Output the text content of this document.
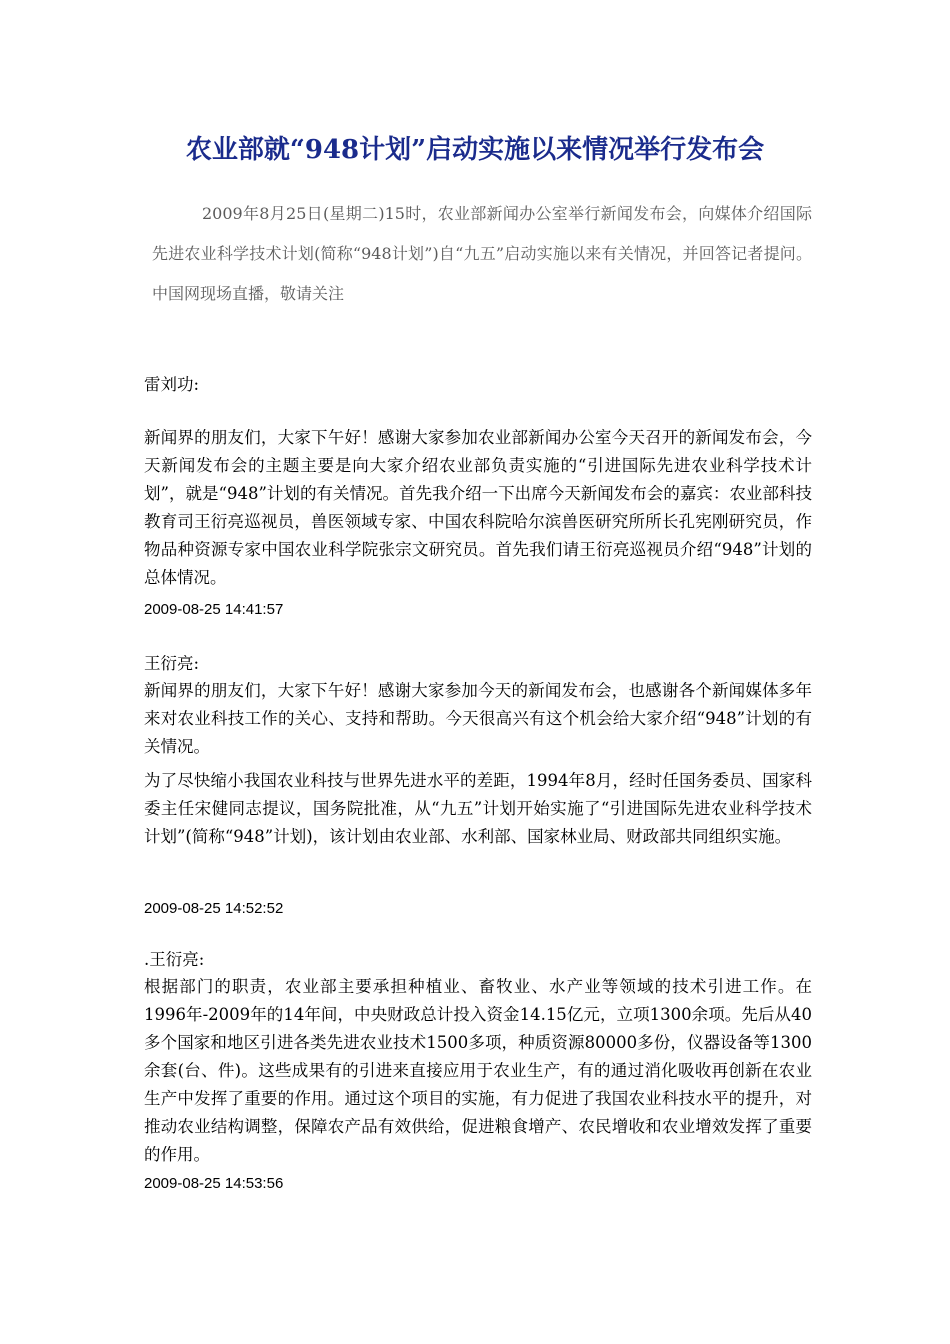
农业部就“948计划”启动实施以来情况举行发布会

2009年8月25日(星期二)15时，农业部新闻办公室举行新闻发布会，向媒体介绍国际先进农业科学技术计划(简称“948计划”)自“九五”启动实施以来有关情况，并回答记者提问。中国网现场直播，敬请关注

雷刘功:

新闻界的朋友们，大家下午好！感谢大家参加农业部新闻办公室今天召开的新闻发布会，今天新闻发布会的主题主要是向大家介绍农业部负责实施的“引进国际先进农业科学技术计划”，就是“948”计划的有关情况。首先我介绍一下出席今天新闻发布会的嘉宾：农业部科技教育司王衍亮巡视员，兽医领域专家、中国农科院哈尔滨兽医研究所所长孔宪刚研究员，作物品种资源专家中国农业科学院张宗文研究员。首先我们请王衍亮巡视员介绍“948”计划的总体情况。

2009-08-25 14:41:57

王衍亮:

新闻界的朋友们，大家下午好！感谢大家参加今天的新闻发布会，也感谢各个新闻媒体多年来对农业科技工作的关心、支持和帮助。今天很高兴有这个机会给大家介绍“948”计划的有关情况。

为了尽快缩小我国农业科技与世界先进水平的差距，1994年8月，经时任国务委员、国家科委主任宋健同志提议，国务院批准，从“九五”计划开始实施了“引进国际先进农业科学技术计划”(简称“948”计划)，该计划由农业部、水利部、国家林业局、财政部共同组织实施。

2009-08-25 14:52:52

.王衍亮:

根据部门的职责，农业部主要承担种植业、畜牧业、水产业等领域的技术引进工作。在1996年-2009年的14年间，中央财政总计投入资金14.15亿元，立项1300余项。先后从40多个国家和地区引进各类先进农业技术1500多项，种质资源80000多份，仪器设备等1300余套(台、件)。这些成果有的引进来直接应用于农业生产，有的通过消化吸收再创新在农业生产中发挥了重要的作用。通过这个项目的实施，有力促进了我国农业科技水平的提升，对推动农业结构调整，保障农产品有效供给，促进粮食增产、农民增收和农业增效发挥了重要的作用。

2009-08-25 14:53:56
